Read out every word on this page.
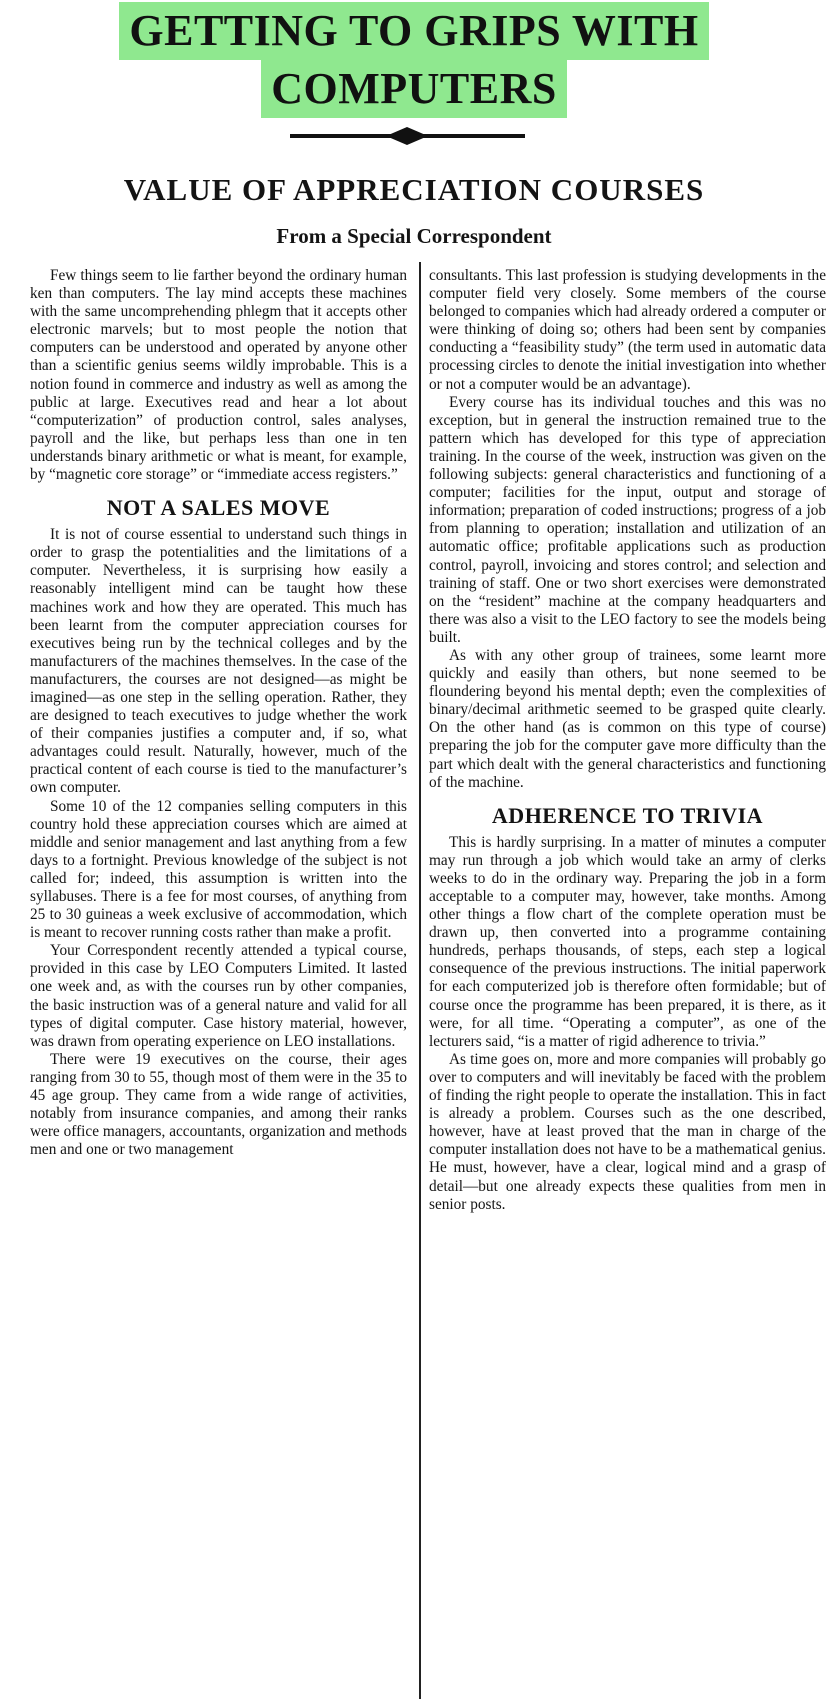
GETTING TO GRIPS WITH
COMPUTERS
VALUE OF APPRECIATION COURSES
From a Special Correspondent

Few things seem to lie farther beyond the ordinary human ken than computers. The lay mind accepts these machines with the same uncomprehending phlegm that it accepts other electronic marvels; but to most people the notion that computers can be understood and operated by anyone other than a scientific genius seems wildly improbable. This is a notion found in commerce and industry as well as among the public at large. Executives read and hear a lot about “computerization” of production control, sales analyses, payroll and the like, but perhaps less than one in ten understands binary arithmetic or what is meant, for example, by “magnetic core storage” or “immediate access registers.”

NOT A SALES MOVE

It is not of course essential to understand such things in order to grasp the potentialities and the limitations of a computer. Nevertheless, it is surprising how easily a reasonably intelligent mind can be taught how these machines work and how they are operated. This much has been learnt from the computer appreciation courses for executives being run by the technical colleges and by the manufacturers of the machines themselves. In the case of the manufacturers, the courses are not designed—as might be imagined—as one step in the selling operation. Rather, they are designed to teach executives to judge whether the work of their companies justifies a computer and, if so, what advantages could result. Naturally, however, much of the practical content of each course is tied to the manufacturer’s own computer.

Some 10 of the 12 companies selling computers in this country hold these appreciation courses which are aimed at middle and senior management and last anything from a few days to a fortnight. Previous knowledge of the subject is not called for; indeed, this assumption is written into the syllabuses. There is a fee for most courses, of anything from 25 to 30 guineas a week exclusive of accommodation, which is meant to recover running costs rather than make a profit.

Your Correspondent recently attended a typical course, provided in this case by LEO Computers Limited. It lasted one week and, as with the courses run by other companies, the basic instruction was of a general nature and valid for all types of digital computer. Case history material, however, was drawn from operating experience on LEO installations.

There were 19 executives on the course, their ages ranging from 30 to 55, though most of them were in the 35 to 45 age group. They came from a wide range of activities, notably from insurance companies, and among their ranks were office managers, accountants, organization and methods men and one or two management

consultants. This last profession is studying developments in the computer field very closely. Some members of the course belonged to companies which had already ordered a computer or were thinking of doing so; others had been sent by companies conducting a “feasibility study” (the term used in automatic data processing circles to denote the initial investigation into whether or not a computer would be an advantage).

Every course has its individual touches and this was no exception, but in general the instruction remained true to the pattern which has developed for this type of appreciation training. In the course of the week, instruction was given on the following subjects: general characteristics and functioning of a computer; facilities for the input, output and storage of information; preparation of coded instructions; progress of a job from planning to operation; installation and utilization of an automatic office; profitable applications such as production control, payroll, invoicing and stores control; and selection and training of staff. One or two short exercises were demonstrated on the “resident” machine at the company headquarters and there was also a visit to the LEO factory to see the models being built.

As with any other group of trainees, some learnt more quickly and easily than others, but none seemed to be floundering beyond his mental depth; even the complexities of binary/decimal arithmetic seemed to be grasped quite clearly. On the other hand (as is common on this type of course) preparing the job for the computer gave more difficulty than the part which dealt with the general characteristics and functioning of the machine.

ADHERENCE TO TRIVIA

This is hardly surprising. In a matter of minutes a computer may run through a job which would take an army of clerks weeks to do in the ordinary way. Preparing the job in a form acceptable to a computer may, however, take months. Among other things a flow chart of the complete operation must be drawn up, then converted into a programme containing hundreds, perhaps thousands, of steps, each step a logical consequence of the previous instructions. The initial paperwork for each computerized job is therefore often formidable; but of course once the programme has been prepared, it is there, as it were, for all time. “Operating a computer”, as one of the lecturers said, “is a matter of rigid adherence to trivia.”

As time goes on, more and more companies will probably go over to computers and will inevitably be faced with the problem of finding the right people to operate the installation. This in fact is already a problem. Courses such as the one described, however, have at least proved that the man in charge of the computer installation does not have to be a mathematical genius. He must, however, have a clear, logical mind and a grasp of detail—but one already expects these qualities from men in senior posts.
